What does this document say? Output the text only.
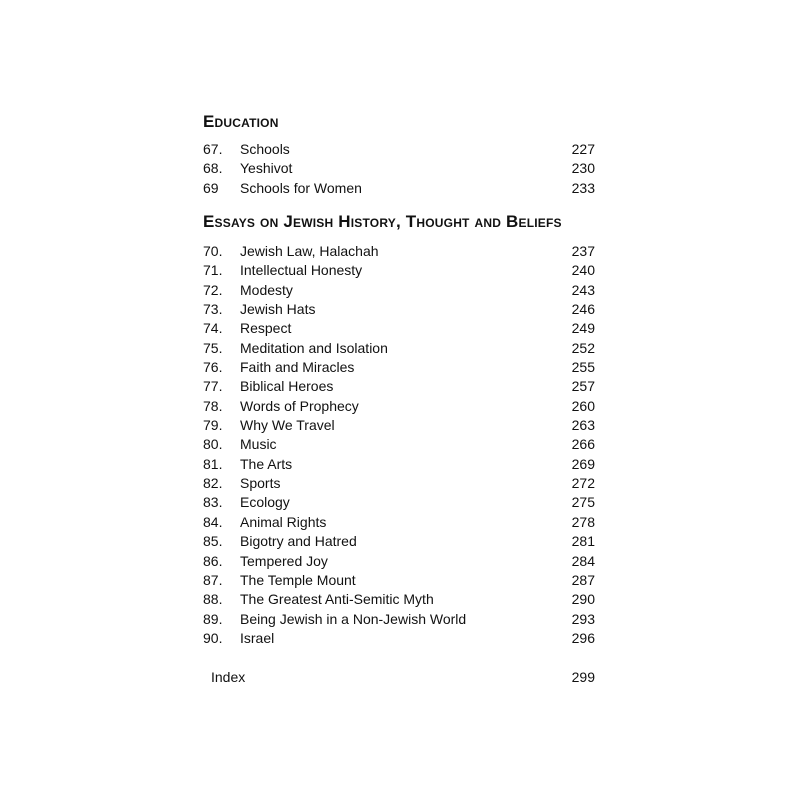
Education
67.	Schools	227
68.	Yeshivot	230
69	Schools for Women	233
Essays on Jewish History, Thought and Beliefs
70.	Jewish Law, Halachah	237
71.	Intellectual Honesty	240
72.	Modesty	243
73.	Jewish Hats	246
74.	Respect	249
75.	Meditation and Isolation	252
76.	Faith and Miracles	255
77.	Biblical Heroes	257
78.	Words of Prophecy	260
79.	Why We Travel	263
80.	Music	266
81.	The Arts	269
82.	Sports	272
83.	Ecology	275
84.	Animal Rights	278
85.	Bigotry and Hatred	281
86.	Tempered Joy	284
87.	The Temple Mount	287
88.	The Greatest Anti-Semitic Myth	290
89.	Being Jewish in a Non-Jewish World	293
90.	Israel	296
Index	299
